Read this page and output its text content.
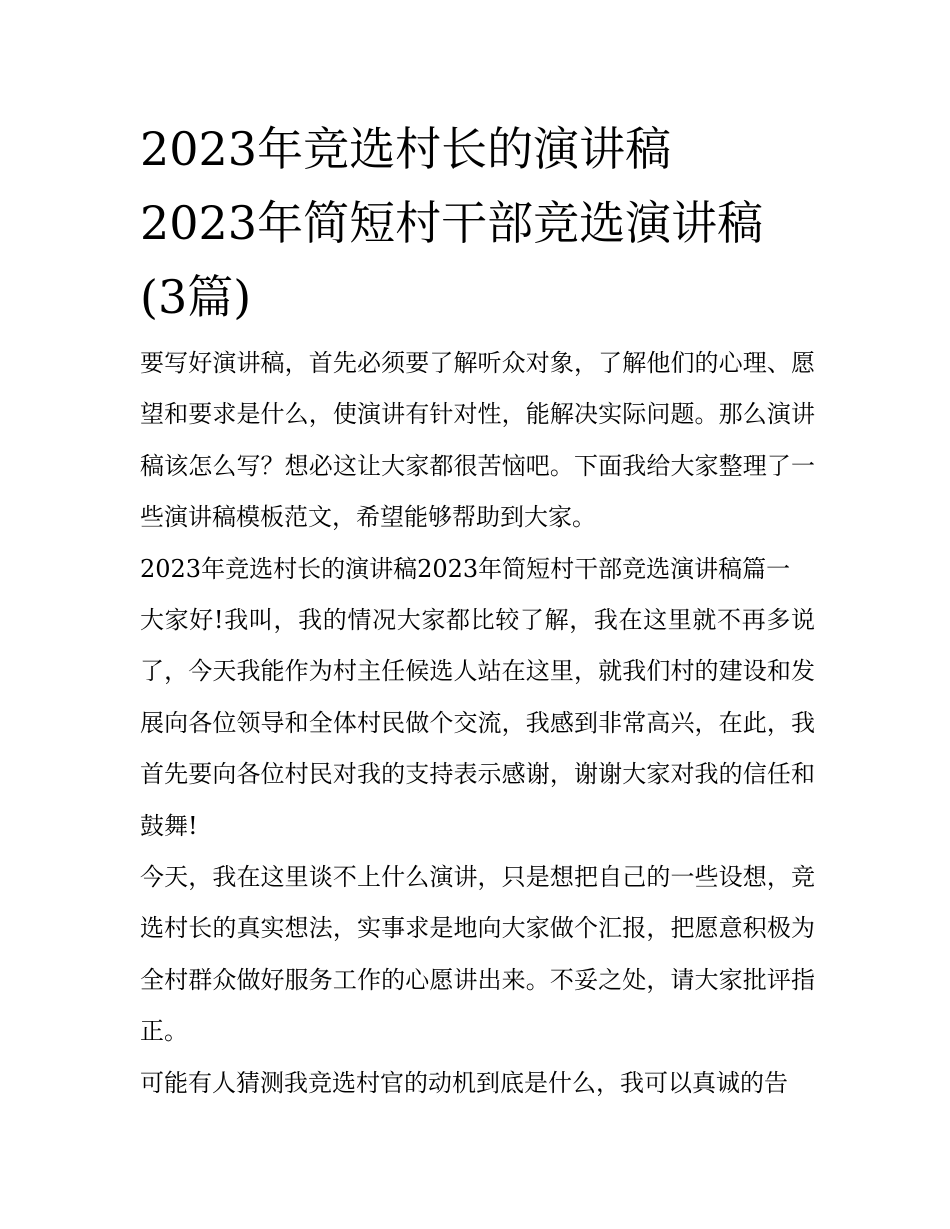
2023年竞选村长的演讲稿
2023年简短村干部竞选演讲稿
(3篇)

要写好演讲稿，首先必须要了解听众对象，了解他们的心理、愿望和要求是什么，使演讲有针对性，能解决实际问题。那么演讲稿该怎么写？想必这让大家都很苦恼吧。下面我给大家整理了一些演讲稿模板范文，希望能够帮助到大家。

2023年竞选村长的演讲稿2023年简短村干部竞选演讲稿篇一

大家好!我叫，我的情况大家都比较了解，我在这里就不再多说了，今天我能作为村主任候选人站在这里，就我们村的建设和发展向各位领导和全体村民做个交流，我感到非常高兴，在此，我首先要向各位村民对我的支持表示感谢，谢谢大家对我的信任和鼓舞!

今天，我在这里谈不上什么演讲，只是想把自己的一些设想，竞选村长的真实想法，实事求是地向大家做个汇报，把愿意积极为全村群众做好服务工作的心愿讲出来。不妥之处，请大家批评指正。

可能有人猜测我竞选村官的动机到底是什么，我可以真诚的告
